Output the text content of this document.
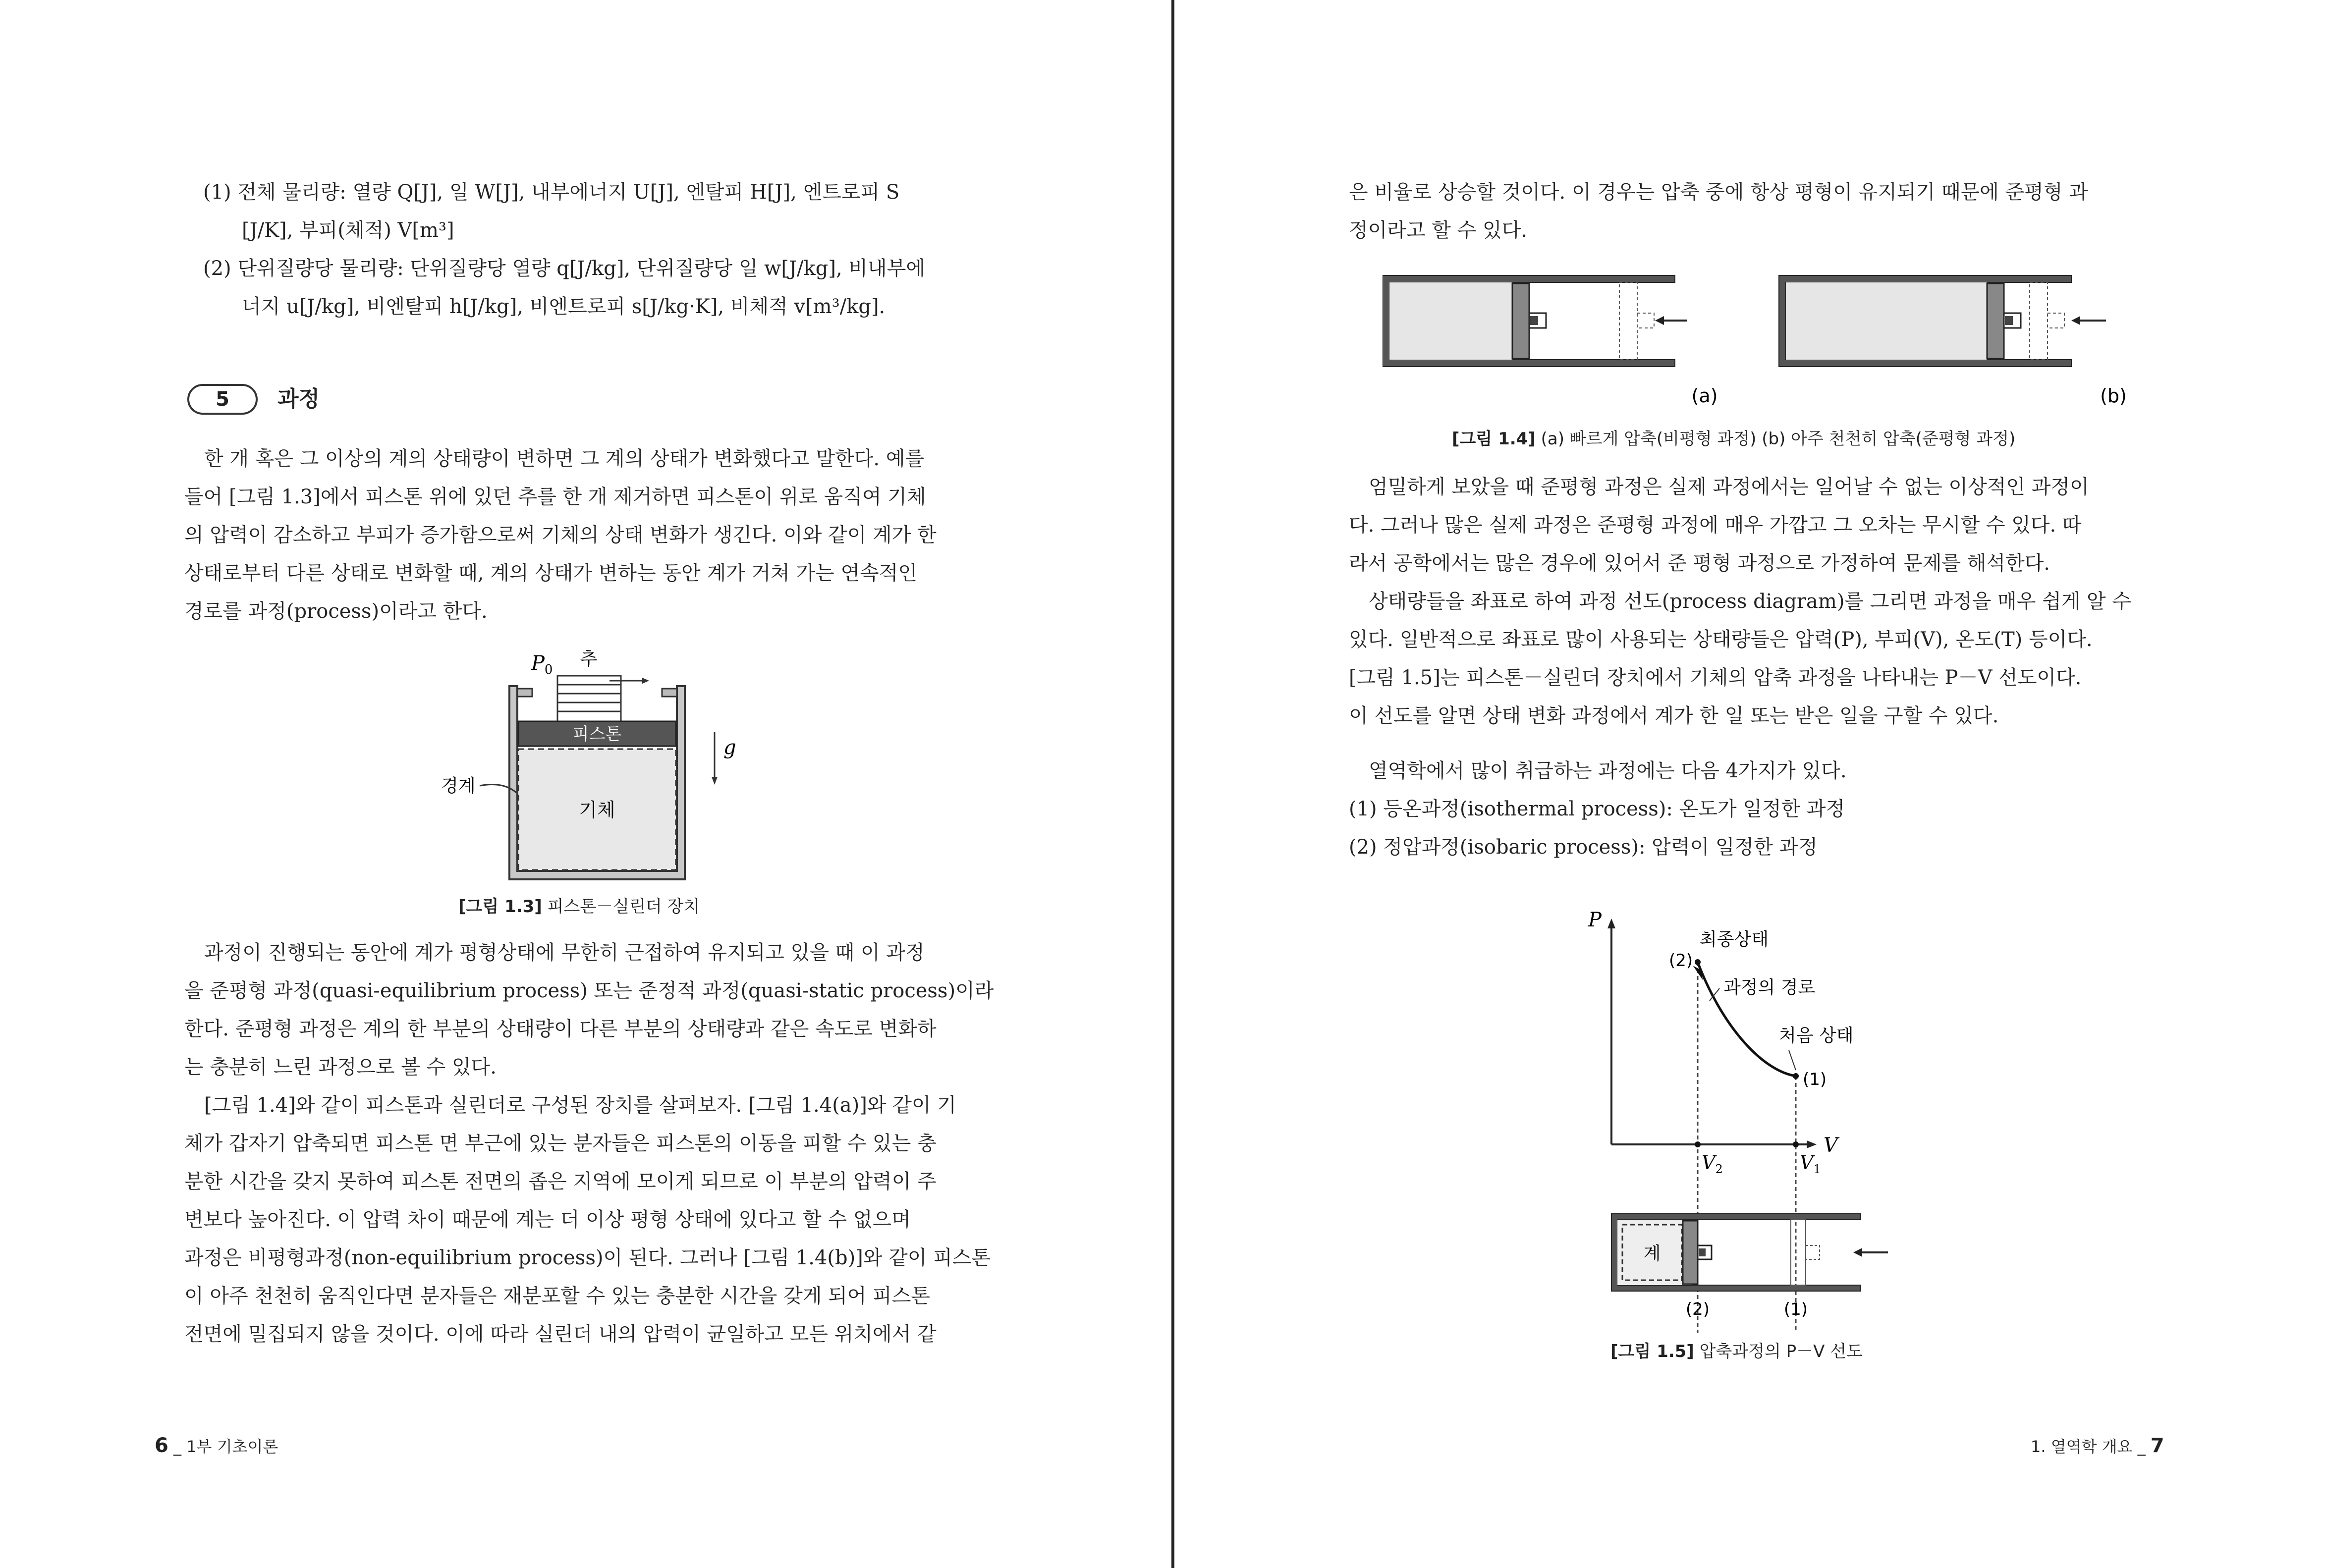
(1) 전체 물리량: 열량 Q[J], 일 W[J], 내부에너지 U[J], 엔탈피 H[J], 엔트로피 S
[J/K], 부피(체적) V[m³]
(2) 단위질량당 물리량: 단위질량당 열량 q[J/kg], 단위질량당 일 w[J/kg], 비내부에
너지 u[J/kg], 비엔탈피 h[J/kg], 비엔트로피 s[J/kg·K], 비체적 v[m³/kg].
5	과정
한 개 혹은 그 이상의 계의 상태량이 변하면 그 계의 상태가 변화했다고 말한다. 예를
들어 [그림 1.3]에서 피스톤 위에 있던 추를 한 개 제거하면 피스톤이 위로 움직여 기체
의 압력이 감소하고 부피가 증가함으로써 기체의 상태 변화가 생긴다. 이와 같이 계가 한
상태로부터 다른 상태로 변화할 때, 계의 상태가 변하는 동안 계가 거쳐 가는 연속적인
경로를 과정(process)이라고 한다.
$P_0$
추
피스톤
g
경계
기체
[그림 1.3] 피스톤－실린더 장치
과정이 진행되는 동안에 계가 평형상태에 무한히 근접하여 유지되고 있을 때 이 과정
을 준평형 과정(quasi-equilibrium process) 또는 준정적 과정(quasi-static process)이라
한다. 준평형 과정은 계의 한 부분의 상태량이 다른 부분의 상태량과 같은 속도로 변화하
는 충분히 느린 과정으로 볼 수 있다.
[그림 1.4]와 같이 피스톤과 실린더로 구성된 장치를 살펴보자. [그림 1.4(a)]와 같이 기
체가 갑자기 압축되면 피스톤 면 부근에 있는 분자들은 피스톤의 이동을 피할 수 있는 충
분한 시간을 갖지 못하여 피스톤 전면의 좁은 지역에 모이게 되므로 이 부분의 압력이 주
변보다 높아진다. 이 압력 차이 때문에 계는 더 이상 평형 상태에 있다고 할 수 없으며
과정은 비평형과정(non-equilibrium process)이 된다. 그러나 [그림 1.4(b)]와 같이 피스톤
이 아주 천천히 움직인다면 분자들은 재분포할 수 있는 충분한 시간을 갖게 되어 피스톤
전면에 밀집되지 않을 것이다. 이에 따라 실린더 내의 압력이 균일하고 모든 위치에서 같
6 _ 1부 기초이론
은 비율로 상승할 것이다. 이 경우는 압축 중에 항상 평형이 유지되기 때문에 준평형 과
정이라고 할 수 있다.
(a)	(b)
[그림 1.4] (a) 빠르게 압축(비평형 과정) (b) 아주 천천히 압축(준평형 과정)
엄밀하게 보았을 때 준평형 과정은 실제 과정에서는 일어날 수 없는 이상적인 과정이
다. 그러나 많은 실제 과정은 준평형 과정에 매우 가깝고 그 오차는 무시할 수 있다. 따
라서 공학에서는 많은 경우에 있어서 준 평형 과정으로 가정하여 문제를 해석한다.
상태량들을 좌표로 하여 과정 선도(process diagram)를 그리면 과정을 매우 쉽게 알 수
있다. 일반적으로 좌표로 많이 사용되는 상태량들은 압력(P), 부피(V), 온도(T) 등이다.
[그림 1.5]는 피스톤－실린더 장치에서 기체의 압축 과정을 나타내는 P－V 선도이다.
이 선도를 알면 상태 변화 과정에서 계가 한 일 또는 받은 일을 구할 수 있다.
열역학에서 많이 취급하는 과정에는 다음 4가지가 있다.
(1) 등온과정(isothermal process): 온도가 일정한 과정
(2) 정압과정(isobaric process): 압력이 일정한 과정
P
V
(2)
(1)
최종상태
과정의 경로
처음 상태
$V_2$	$V_1$
계
(2)	(1)
[그림 1.5] 압축과정의 P－V 선도
1. 열역학 개요 _ 7
